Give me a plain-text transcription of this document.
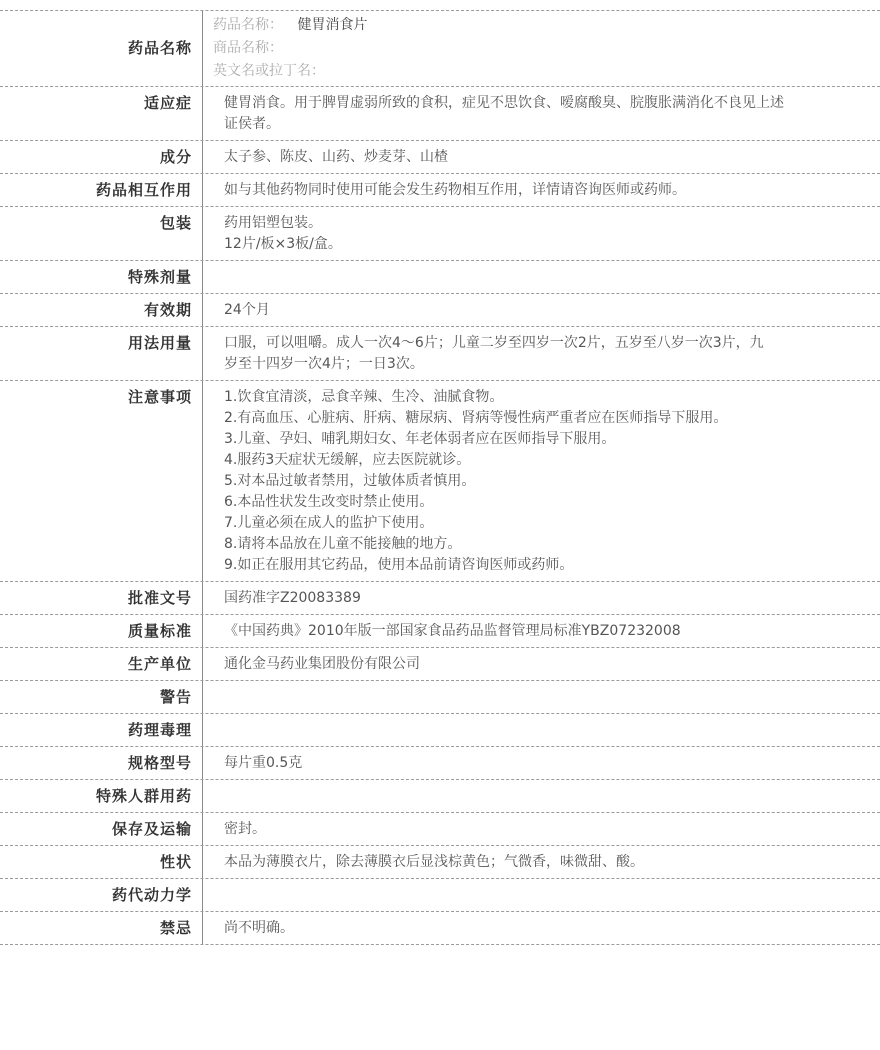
药品名称
药品名称： 健胃消食片
商品名称：
英文名或拉丁名：
适应症	健胃消食。用于脾胃虚弱所致的食积，症见不思饮食、嗳腐酸臭、脘腹胀满消化不良见上述
证侯者。
成分	太子参、陈皮、山药、炒麦芽、山楂
药品相互作用	如与其他药物同时使用可能会发生药物相互作用，详情请咨询医师或药师。
包装	药用铝塑包装。
12片/板×3板/盒。
特殊剂量
有效期	24个月
用法用量	口服，可以咀嚼。成人一次4～6片；儿童二岁至四岁一次2片，五岁至八岁一次3片，九
岁至十四岁一次4片；一日3次。
注意事项	1.饮食宜清淡，忌食辛辣、生冷、油腻食物。
2.有高血压、心脏病、肝病、糖尿病、肾病等慢性病严重者应在医师指导下服用。
3.儿童、孕妇、哺乳期妇女、年老体弱者应在医师指导下服用。
4.服药3天症状无缓解，应去医院就诊。
5.对本品过敏者禁用，过敏体质者慎用。
6.本品性状发生改变时禁止使用。
7.儿童必须在成人的监护下使用。
8.请将本品放在儿童不能接触的地方。
9.如正在服用其它药品，使用本品前请咨询医师或药师。
批准文号	国药准字Z20083389
质量标准	《中国药典》2010年版一部国家食品药品监督管理局标准YBZ07232008
生产单位	通化金马药业集团股份有限公司
警告
药理毒理
规格型号	每片重0.5克
特殊人群用药
保存及运输	密封。
性状	本品为薄膜衣片，除去薄膜衣后显浅棕黄色；气微香，味微甜、酸。
药代动力学
禁忌	尚不明确。
